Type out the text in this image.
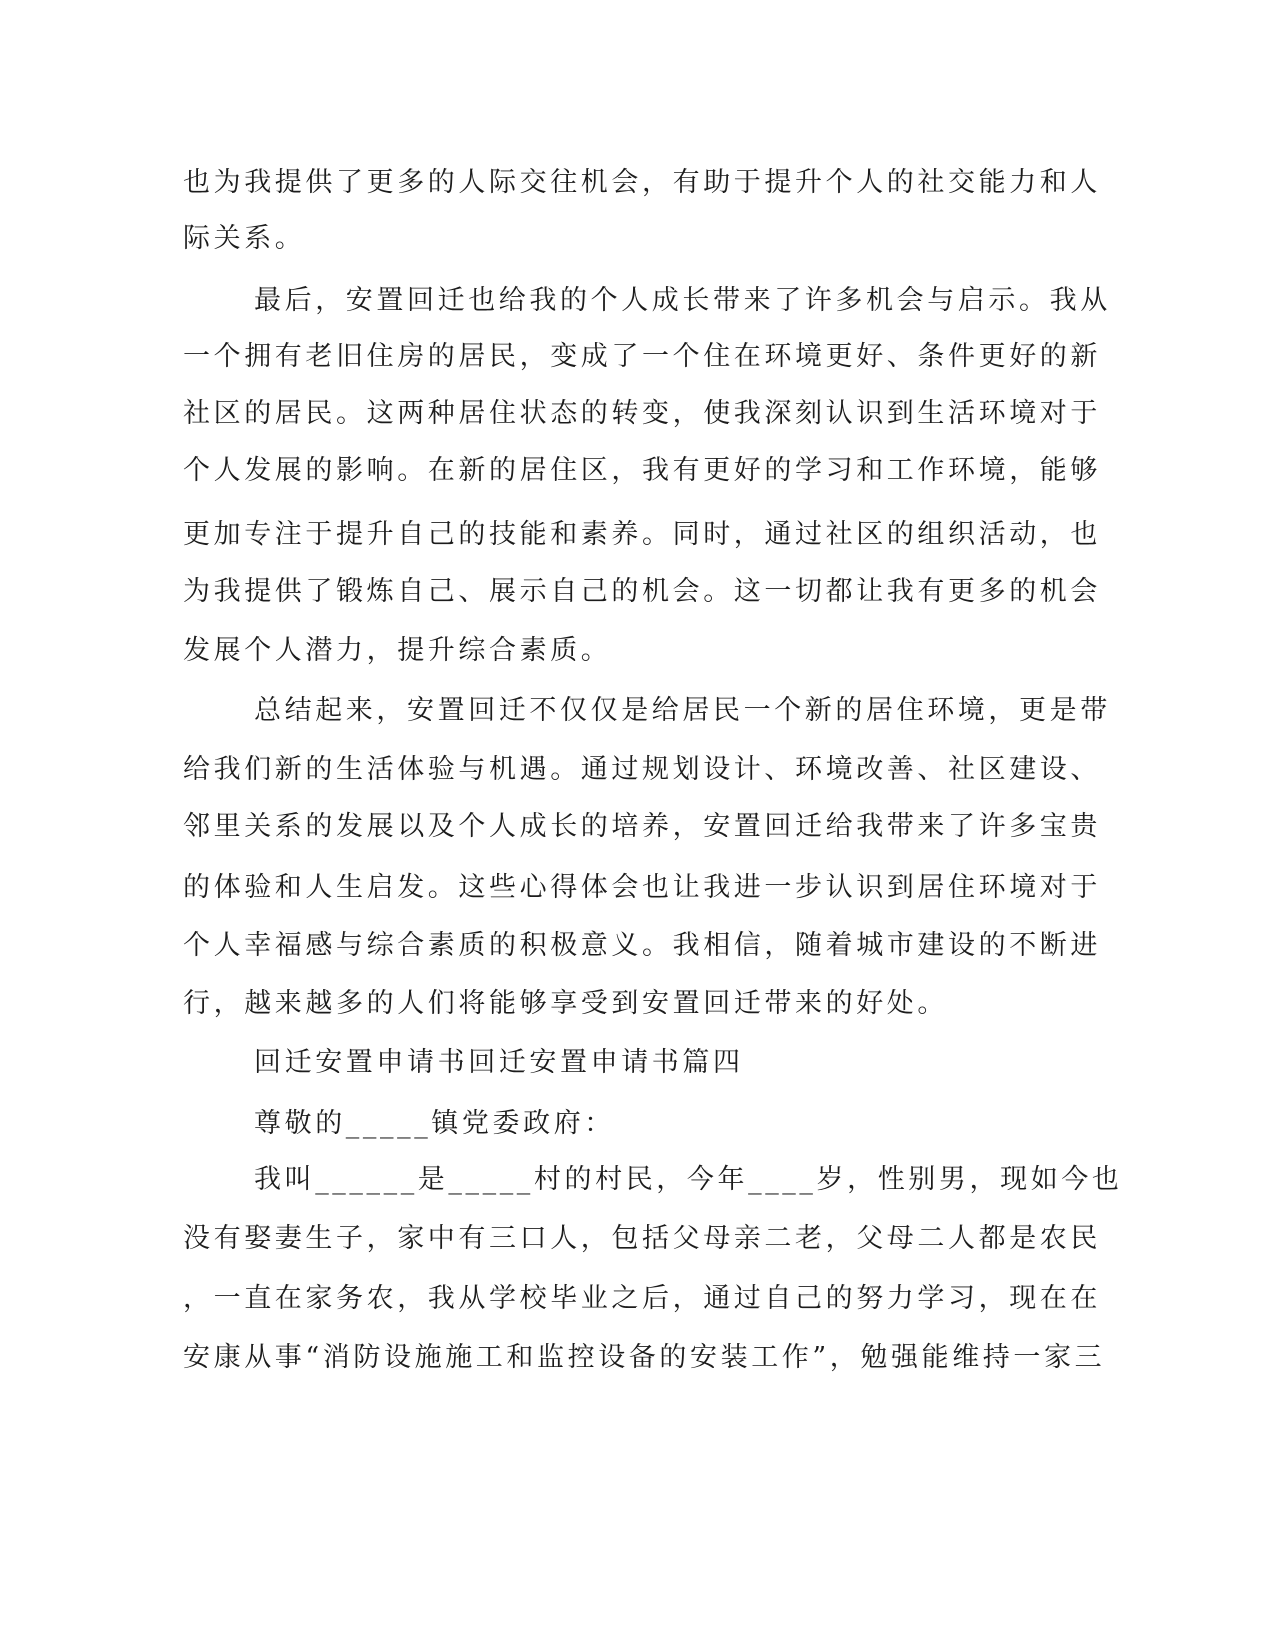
也为我提供了更多的人际交往机会，有助于提升个人的社交能力和人

际关系。

最后，安置回迁也给我的个人成长带来了许多机会与启示。我从

一个拥有老旧住房的居民，变成了一个住在环境更好、条件更好的新

社区的居民。这两种居住状态的转变，使我深刻认识到生活环境对于

个人发展的影响。在新的居住区，我有更好的学习和工作环境，能够

更加专注于提升自己的技能和素养。同时，通过社区的组织活动，也

为我提供了锻炼自己、展示自己的机会。这一切都让我有更多的机会

发展个人潜力，提升综合素质。

总结起来，安置回迁不仅仅是给居民一个新的居住环境，更是带

给我们新的生活体验与机遇。通过规划设计、环境改善、社区建设、

邻里关系的发展以及个人成长的培养，安置回迁给我带来了许多宝贵

的体验和人生启发。这些心得体会也让我进一步认识到居住环境对于

个人幸福感与综合素质的积极意义。我相信，随着城市建设的不断进

行，越来越多的人们将能够享受到安置回迁带来的好处。

回迁安置申请书回迁安置申请书篇四

尊敬的_____镇党委政府：

我叫______是_____村的村民，今年____岁，性别男，现如今也

没有娶妻生子，家中有三口人，包括父母亲二老，父母二人都是农民

，一直在家务农，我从学校毕业之后，通过自己的努力学习，现在在

安康从事“消防设施施工和监控设备的安装工作”，勉强能维持一家三
